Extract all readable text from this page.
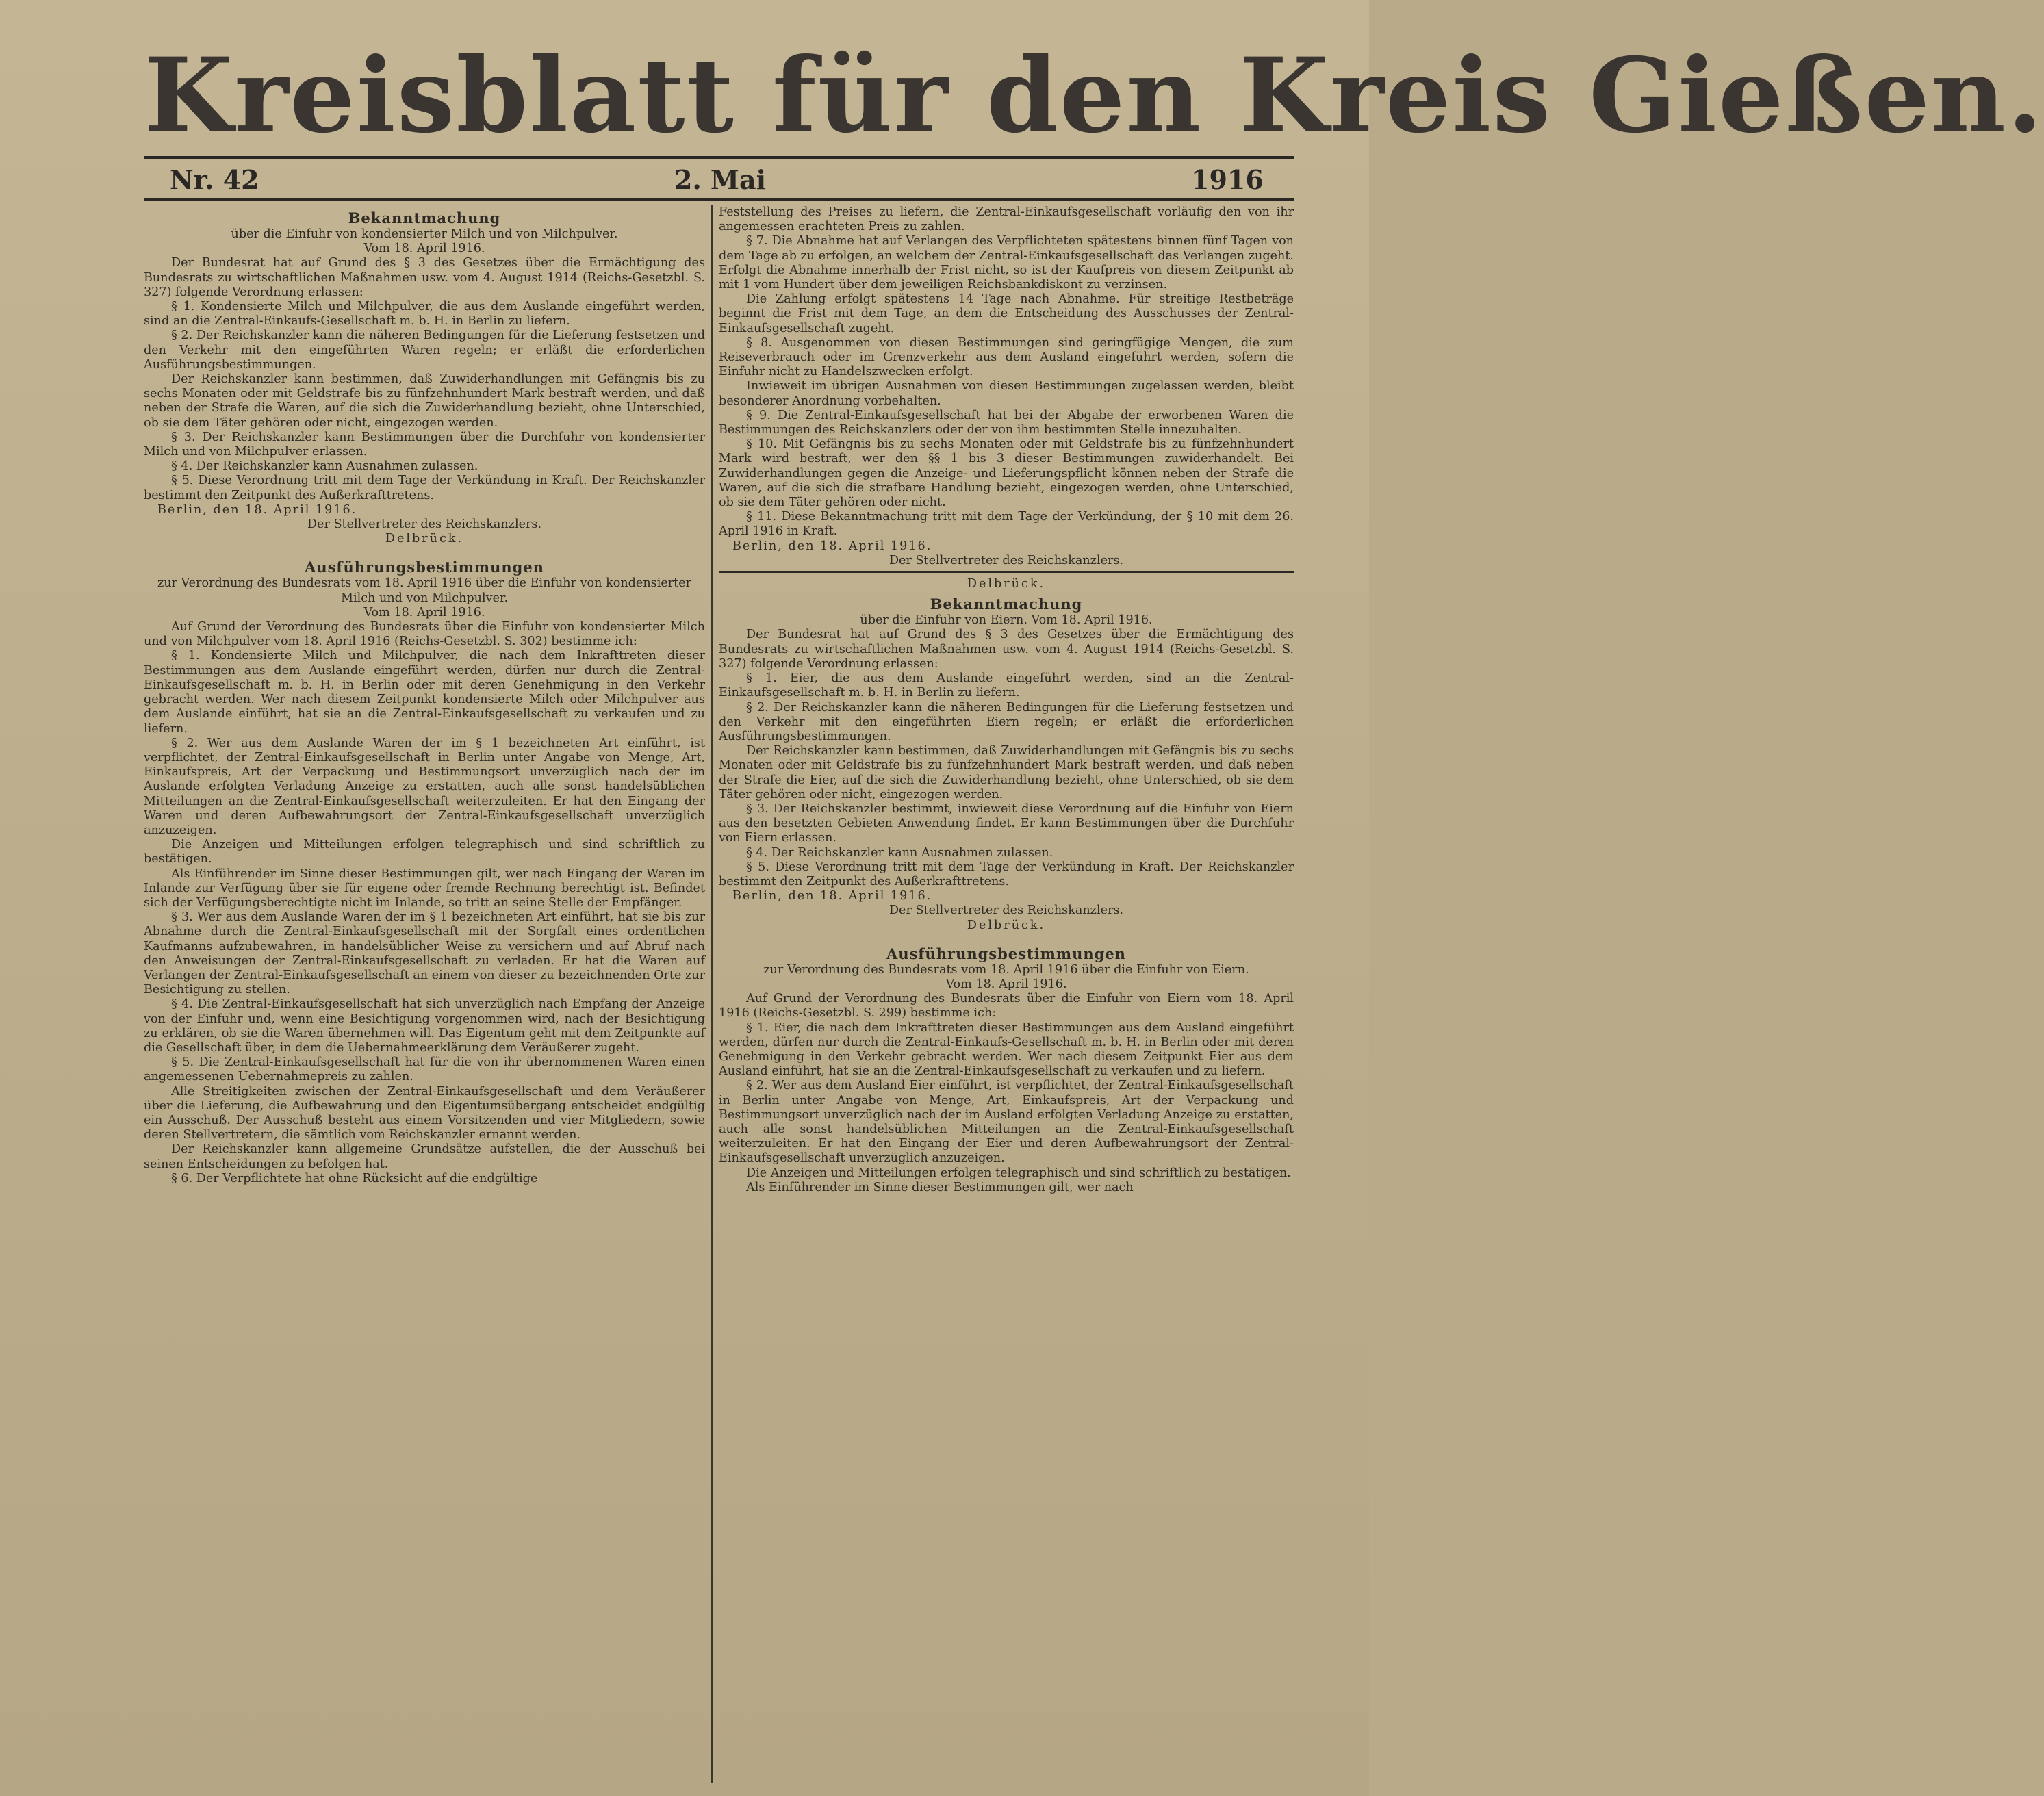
Kreisblatt für den Kreis Gießen.
Nr. 42	2. Mai	1916
Bekanntmachung

über die Einfuhr von kondensierter Milch und von Milchpulver.

Vom 18. April 1916.

Der Bundesrat hat auf Grund des § 3 des Gesetzes über die Ermächtigung des Bundesrats zu wirtschaftlichen Maßnahmen usw. vom 4. August 1914 (Reichs-Gesetzbl. S. 327) folgende Verordnung erlassen:

§ 1. Kondensierte Milch und Milchpulver, die aus dem Auslande eingeführt werden, sind an die Zentral-Einkaufs-Gesellschaft m. b. H. in Berlin zu liefern.

§ 2. Der Reichskanzler kann die näheren Bedingungen für die Lieferung festsetzen und den Verkehr mit den eingeführten Waren regeln; er erläßt die erforderlichen Ausführungsbestimmungen.

Der Reichskanzler kann bestimmen, daß Zuwiderhandlungen mit Gefängnis bis zu sechs Monaten oder mit Geldstrafe bis zu fünfzehnhundert Mark bestraft werden, und daß neben der Strafe die Waren, auf die sich die Zuwiderhandlung bezieht, ohne Unterschied, ob sie dem Täter gehören oder nicht, eingezogen werden.

§ 3. Der Reichskanzler kann Bestimmungen über die Durchfuhr von kondensierter Milch und von Milchpulver erlassen.

§ 4. Der Reichskanzler kann Ausnahmen zulassen.

§ 5. Diese Verordnung tritt mit dem Tage der Verkündung in Kraft. Der Reichskanzler bestimmt den Zeitpunkt des Außerkrafttretens.

Berlin, den 18. April 1916.

Der Stellvertreter des Reichskanzlers.

Delbrück.

Ausführungsbestimmungen

zur Verordnung des Bundesrats vom 18. April 1916 über die Einfuhr von kondensierter Milch und von Milchpulver.

Vom 18. April 1916.

Auf Grund der Verordnung des Bundesrats über die Einfuhr von kondensierter Milch und von Milchpulver vom 18. April 1916 (Reichs-Gesetzbl. S. 302) bestimme ich:

§ 1. Kondensierte Milch und Milchpulver, die nach dem Inkrafttreten dieser Bestimmungen aus dem Auslande eingeführt werden, dürfen nur durch die Zentral-Einkaufsgesellschaft m. b. H. in Berlin oder mit deren Genehmigung in den Verkehr gebracht werden. Wer nach diesem Zeitpunkt kondensierte Milch oder Milchpulver aus dem Auslande einführt, hat sie an die Zentral-Einkaufsgesellschaft zu verkaufen und zu liefern.

§ 2. Wer aus dem Auslande Waren der im § 1 bezeichneten Art einführt, ist verpflichtet, der Zentral-Einkaufsgesellschaft in Berlin unter Angabe von Menge, Art, Einkaufspreis, Art der Verpackung und Bestimmungsort unverzüglich nach der im Auslande erfolgten Verladung Anzeige zu erstatten, auch alle sonst handelsüblichen Mitteilungen an die Zentral-Einkaufsgesellschaft weiterzuleiten. Er hat den Eingang der Waren und deren Aufbewahrungsort der Zentral-Einkaufsgesellschaft unverzüglich anzuzeigen.

Die Anzeigen und Mitteilungen erfolgen telegraphisch und sind schriftlich zu bestätigen.

Als Einführender im Sinne dieser Bestimmungen gilt, wer nach Eingang der Waren im Inlande zur Verfügung über sie für eigene oder fremde Rechnung berechtigt ist. Befindet sich der Verfügungsberechtigte nicht im Inlande, so tritt an seine Stelle der Empfänger.

§ 3. Wer aus dem Auslande Waren der im § 1 bezeichneten Art einführt, hat sie bis zur Abnahme durch die Zentral-Einkaufsgesellschaft mit der Sorgfalt eines ordentlichen Kaufmanns aufzubewahren, in handelsüblicher Weise zu versichern und auf Abruf nach den Anweisungen der Zentral-Einkaufsgesellschaft zu verladen. Er hat die Waren auf Verlangen der Zentral-Einkaufsgesellschaft an einem von dieser zu bezeichnenden Orte zur Besichtigung zu stellen.

§ 4. Die Zentral-Einkaufsgesellschaft hat sich unverzüglich nach Empfang der Anzeige von der Einfuhr und, wenn eine Besichtigung vorgenommen wird, nach der Besichtigung zu erklären, ob sie die Waren übernehmen will. Das Eigentum geht mit dem Zeitpunkte auf die Gesellschaft über, in dem die Uebernahmeerklärung dem Veräußerer zugeht.

§ 5. Die Zentral-Einkaufsgesellschaft hat für die von ihr übernommenen Waren einen angemessenen Uebernahmepreis zu zahlen.

Alle Streitigkeiten zwischen der Zentral-Einkaufsgesellschaft und dem Veräußerer über die Lieferung, die Aufbewahrung und den Eigentumsübergang entscheidet endgültig ein Ausschuß. Der Ausschuß besteht aus einem Vorsitzenden und vier Mitgliedern, sowie deren Stellvertretern, die sämtlich vom Reichskanzler ernannt werden.

Der Reichskanzler kann allgemeine Grundsätze aufstellen, die der Ausschuß bei seinen Entscheidungen zu befolgen hat.

§ 6. Der Verpflichtete hat ohne Rücksicht auf die endgültige

Feststellung des Preises zu liefern, die Zentral-Einkaufsgesellschaft vorläufig den von ihr angemessen erachteten Preis zu zahlen.

§ 7. Die Abnahme hat auf Verlangen des Verpflichteten spätestens binnen fünf Tagen von dem Tage ab zu erfolgen, an welchem der Zentral-Einkaufsgesellschaft das Verlangen zugeht. Erfolgt die Abnahme innerhalb der Frist nicht, so ist der Kaufpreis von diesem Zeitpunkt ab mit 1 vom Hundert über dem jeweiligen Reichsbankdiskont zu verzinsen.

Die Zahlung erfolgt spätestens 14 Tage nach Abnahme. Für streitige Restbeträge beginnt die Frist mit dem Tage, an dem die Entscheidung des Ausschusses der Zentral-Einkaufsgesellschaft zugeht.

§ 8. Ausgenommen von diesen Bestimmungen sind geringfügige Mengen, die zum Reiseverbrauch oder im Grenzverkehr aus dem Ausland eingeführt werden, sofern die Einfuhr nicht zu Handelszwecken erfolgt.

Inwieweit im übrigen Ausnahmen von diesen Bestimmungen zugelassen werden, bleibt besonderer Anordnung vorbehalten.

§ 9. Die Zentral-Einkaufsgesellschaft hat bei der Abgabe der erworbenen Waren die Bestimmungen des Reichskanzlers oder der von ihm bestimmten Stelle innezuhalten.

§ 10. Mit Gefängnis bis zu sechs Monaten oder mit Geldstrafe bis zu fünfzehnhundert Mark wird bestraft, wer den §§ 1 bis 3 dieser Bestimmungen zuwiderhandelt. Bei Zuwiderhandlungen gegen die Anzeige- und Lieferungspflicht können neben der Strafe die Waren, auf die sich die strafbare Handlung bezieht, eingezogen werden, ohne Unterschied, ob sie dem Täter gehören oder nicht.

§ 11. Diese Bekanntmachung tritt mit dem Tage der Verkündung, der § 10 mit dem 26. April 1916 in Kraft.

Berlin, den 18. April 1916.

Der Stellvertreter des Reichskanzlers.

Delbrück.

Bekanntmachung

über die Einfuhr von Eiern. Vom 18. April 1916.

Der Bundesrat hat auf Grund des § 3 des Gesetzes über die Ermächtigung des Bundesrats zu wirtschaftlichen Maßnahmen usw. vom 4. August 1914 (Reichs-Gesetzbl. S. 327) folgende Verordnung erlassen:

§ 1. Eier, die aus dem Auslande eingeführt werden, sind an die Zentral-Einkaufsgesellschaft m. b. H. in Berlin zu liefern.

§ 2. Der Reichskanzler kann die näheren Bedingungen für die Lieferung festsetzen und den Verkehr mit den eingeführten Eiern regeln; er erläßt die erforderlichen Ausführungsbestimmungen.

Der Reichskanzler kann bestimmen, daß Zuwiderhandlungen mit Gefängnis bis zu sechs Monaten oder mit Geldstrafe bis zu fünfzehnhundert Mark bestraft werden, und daß neben der Strafe die Eier, auf die sich die Zuwiderhandlung bezieht, ohne Unterschied, ob sie dem Täter gehören oder nicht, eingezogen werden.

§ 3. Der Reichskanzler bestimmt, inwieweit diese Verordnung auf die Einfuhr von Eiern aus den besetzten Gebieten Anwendung findet. Er kann Bestimmungen über die Durchfuhr von Eiern erlassen.

§ 4. Der Reichskanzler kann Ausnahmen zulassen.

§ 5. Diese Verordnung tritt mit dem Tage der Verkündung in Kraft. Der Reichskanzler bestimmt den Zeitpunkt des Außerkrafttretens.

Berlin, den 18. April 1916.

Der Stellvertreter des Reichskanzlers.

Delbrück.

Ausführungsbestimmungen

zur Verordnung des Bundesrats vom 18. April 1916 über die Einfuhr von Eiern.

Vom 18. April 1916.

Auf Grund der Verordnung des Bundesrats über die Einfuhr von Eiern vom 18. April 1916 (Reichs-Gesetzbl. S. 299) bestimme ich:

§ 1. Eier, die nach dem Inkrafttreten dieser Bestimmungen aus dem Ausland eingeführt werden, dürfen nur durch die Zentral-Einkaufs-Gesellschaft m. b. H. in Berlin oder mit deren Genehmigung in den Verkehr gebracht werden. Wer nach diesem Zeitpunkt Eier aus dem Ausland einführt, hat sie an die Zentral-Einkaufsgesellschaft zu verkaufen und zu liefern.

§ 2. Wer aus dem Ausland Eier einführt, ist verpflichtet, der Zentral-Einkaufsgesellschaft in Berlin unter Angabe von Menge, Art, Einkaufspreis, Art der Verpackung und Bestimmungsort unverzüglich nach der im Ausland erfolgten Verladung Anzeige zu erstatten, auch alle sonst handelsüblichen Mitteilungen an die Zentral-Einkaufsgesellschaft weiterzuleiten. Er hat den Eingang der Eier und deren Aufbewahrungsort der Zentral-Einkaufsgesellschaft unverzüglich anzuzeigen.

Die Anzeigen und Mitteilungen erfolgen telegraphisch und sind schriftlich zu bestätigen.

Als Einführender im Sinne dieser Bestimmungen gilt, wer nach
